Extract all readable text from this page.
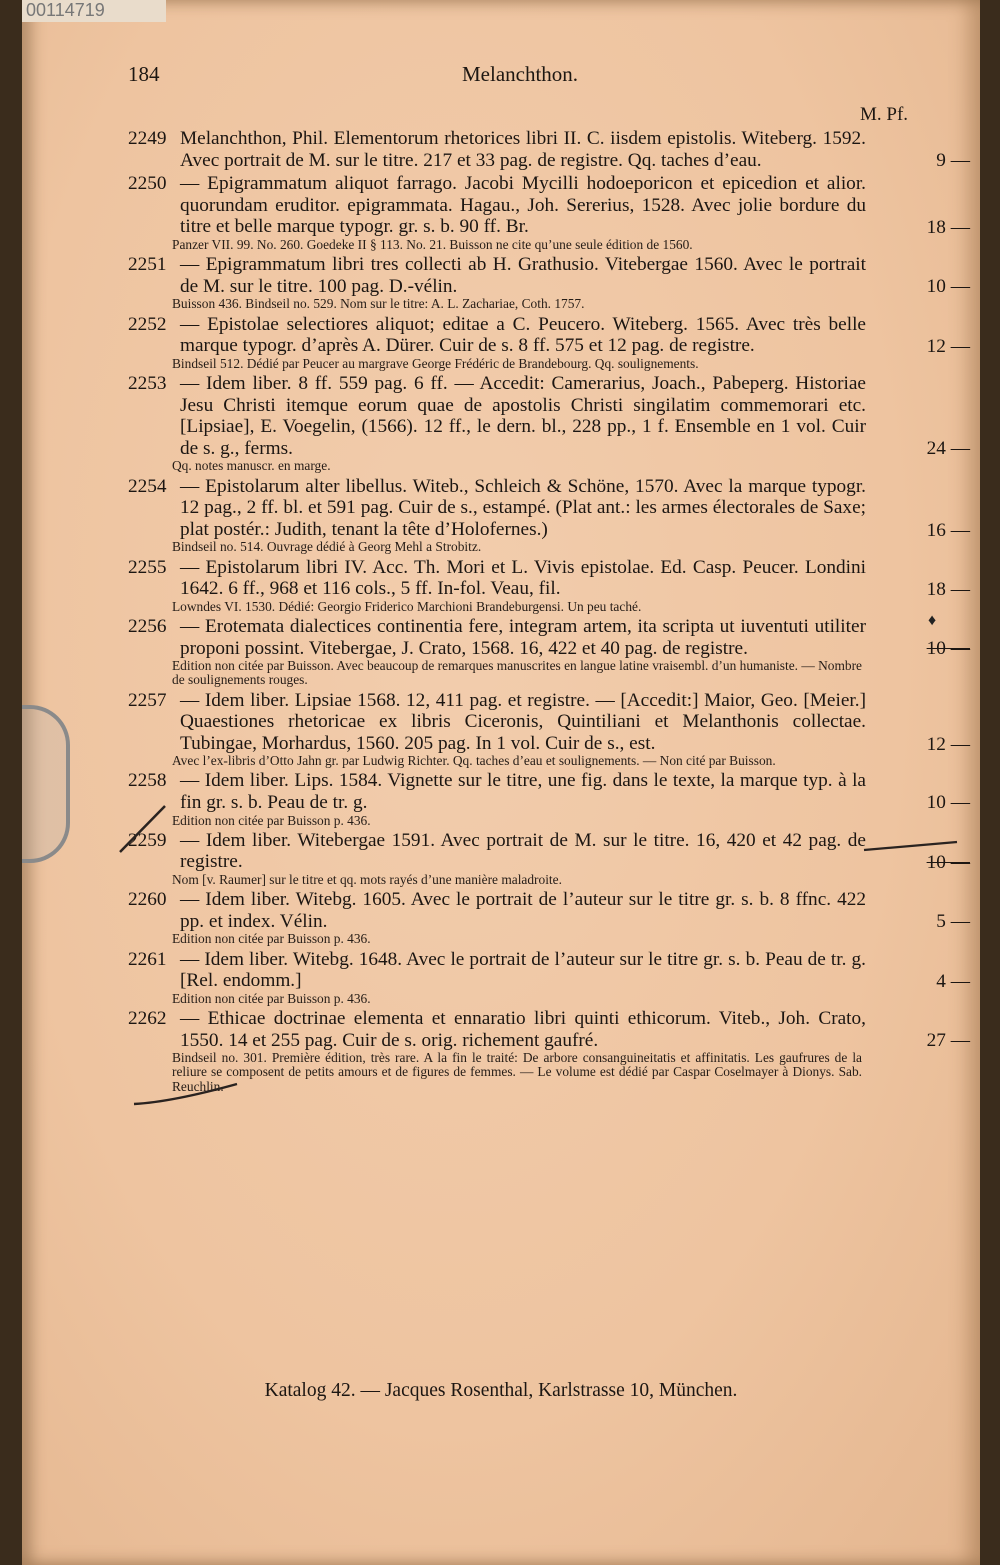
00114719
184	Melanchthon.
M. Pf.
2249 Melanchthon, Phil. Elementorum rhetorices libri II. C. iisdem epistolis. Witeberg. 1592. Avec portrait de M. sur le titre. 217 et 33 pag. de registre. Qq. taches d’eau.	9 —
2250 — Epigrammatum aliquot farrago. Jacobi Mycilli hodoeporicon et epicedion et alior. quorundam eruditor. epigrammata. Hagau., Joh. Sererius, 1528. Avec jolie bordure du titre et belle marque typogr. gr. s. b. 90 ff. Br.	18 —
Panzer VII. 99. No. 260. Goedeke II § 113. No. 21. Buisson ne cite qu’une seule édition de 1560.
2251 — Epigrammatum libri tres collecti ab H. Grathusio. Vitebergae 1560. Avec le portrait de M. sur le titre. 100 pag. D.-vélin.	10 —
Buisson 436. Bindseil no. 529. Nom sur le titre: A. L. Zachariae, Coth. 1757.
2252 — Epistolae selectiores aliquot; editae a C. Peucero. Witeberg. 1565. Avec très belle marque typogr. d’après A. Dürer. Cuir de s. 8 ff. 575 et 12 pag. de registre.	12 —
Bindseil 512. Dédié par Peucer au margrave George Frédéric de Brandebourg. Qq. soulignements.
2253 — Idem liber. 8 ff. 559 pag. 6 ff. — Accedit: Camerarius, Joach., Pabeperg. Historiae Jesu Christi itemque eorum quae de apostolis Christi singilatim commemorari etc. [Lipsiae], E. Voegelin, (1566). 12 ff., le dern. bl., 228 pp., 1 f. Ensemble en 1 vol. Cuir de s. g., ferms.	24 —
Qq. notes manuscr. en marge.
2254 — Epistolarum alter libellus. Witeb., Schleich & Schöne, 1570. Avec la marque typogr. 12 pag., 2 ff. bl. et 591 pag. Cuir de s., estampé. (Plat ant.: les armes électorales de Saxe; plat postér.: Judith, tenant la tête d’Holofernes.)	16 —
Bindseil no. 514. Ouvrage dédié à Georg Mehl a Strobitz.
2255 — Epistolarum libri IV. Acc. Th. Mori et L. Vivis epistolae. Ed. Casp. Peucer. Londini 1642. 6 ff., 968 et 116 cols., 5 ff. In-fol. Veau, fil.	18 —
Lowndes VI. 1530. Dédié: Georgio Friderico Marchioni Brandeburgensi. Un peu taché.
2256 — Erotemata dialectices continentia fere, integram artem, ita scripta ut iuventuti utiliter proponi possint. Vitebergae, J. Crato, 1568. 16, 422 et 40 pag. de registre.	10 —
Edition non citée par Buisson. Avec beaucoup de remarques manuscrites en langue latine vraisembl. d’un humaniste. — Nombre de soulignements rouges.
2257 — Idem liber. Lipsiae 1568. 12, 411 pag. et registre. — [Accedit:] Maior, Geo. [Meier.] Quaestiones rhetoricae ex libris Ciceronis, Quintiliani et Melanthonis collectae. Tubingae, Morhardus, 1560. 205 pag. In 1 vol. Cuir de s., est.	12 —
Avec l’ex-libris d’Otto Jahn gr. par Ludwig Richter. Qq. taches d’eau et soulignements. — Non cité par Buisson.
2258 — Idem liber. Lips. 1584. Vignette sur le titre, une fig. dans le texte, la marque typ. à la fin gr. s. b. Peau de tr. g.	10 —
Edition non citée par Buisson p. 436.
2259 — Idem liber. Witebergae 1591. Avec portrait de M. sur le titre. 16, 420 et 42 pag. de registre.	10 —
Nom [v. Raumer] sur le titre et qq. mots rayés d’une manière maladroite.
2260 — Idem liber. Witebg. 1605. Avec le portrait de l’auteur sur le titre gr. s. b. 8 ffnc. 422 pp. et index. Vélin.	5 —
Edition non citée par Buisson p. 436.
2261 — Idem liber. Witebg. 1648. Avec le portrait de l’auteur sur le titre gr. s. b. Peau de tr. g. [Rel. endomm.]	4 —
Edition non citée par Buisson p. 436.
2262 — Ethicae doctrinae elementa et ennaratio libri quinti ethicorum. Viteb., Joh. Crato, 1550. 14 et 255 pag. Cuir de s. orig. richement gaufré.	27 —
Bindseil no. 301. Première édition, très rare. A la fin le traité: De arbore consanguineitatis et affinitatis. Les gaufrures de la reliure se composent de petits amours et de figures de femmes. — Le volume est dédié par Caspar Coselmayer à Dionys. Sab. Reuchlin.
Katalog 42. — Jacques Rosenthal, Karlstrasse 10, München.
♦
